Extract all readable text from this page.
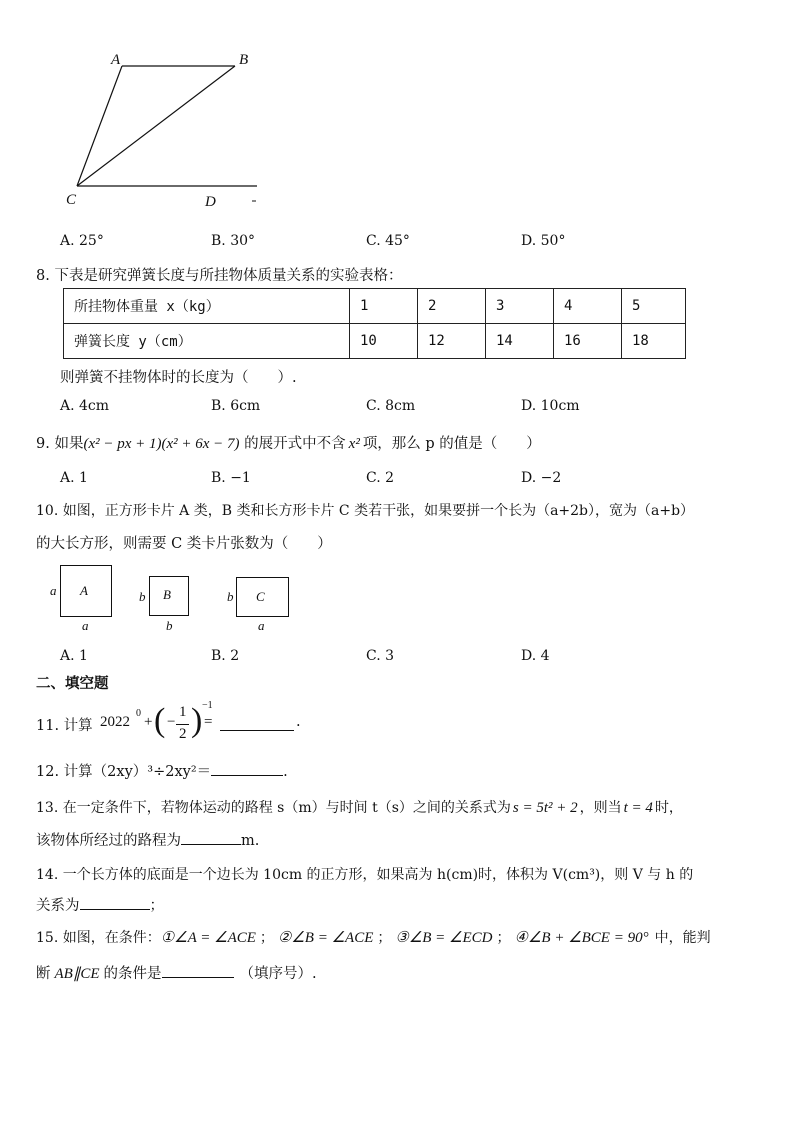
A	B
C	D
A. 25°	B. 30°	C. 45°	D. 50°
8. 下表是研究弹簧长度与所挂物体质量关系的实验表格：
所挂物体重量 x（kg）	1	2	3	4	5
弹簧长度 y（cm）	10	12	14	16	18
则弹簧不挂物体时的长度为（　　）.
A. 4cm	B. 6cm	C. 8cm	D. 10cm
9. 如果(x² − px + 1)(x² + 6x − 7) 的展开式中不含 x² 项，那么 p 的值是（　　）
A. 1	B. −1	C. 2	D. −2
10. 如图，正方形卡片 A 类，B 类和长方形卡片 C 类若干张，如果要拼一个长为（a+2b），宽为（a+b）
的大长方形，则需要 C 类卡片张数为（　　）
A
a
a
B
b
b
C
b
a
A. 1	B. 2	C. 3	D. 4
二、填空题
11. 计算 2022
0
+ ( −
1
2 ) −1
=	.
12. 计算（2xy）³÷2xy²＝	.
13. 在一定条件下，若物体运动的路程 s（m）与时间 t（s）之间的关系式为 s = 5t² + 2 ，则当 t = 4 时，
该物体所经过的路程为	m.
14. 一个长方体的底面是一个边长为 10cm 的正方形，如果高为 h(cm)时，体积为 V(cm³)，则 V 与 h 的
关系为	；
15. 如图，在条件：①∠A = ∠ACE ； ②∠B = ∠ACE ； ③∠B = ∠ECD ； ④∠B + ∠BCE = 90° 中，能判
断 AB∥CE 的条件是	（填序号）.
